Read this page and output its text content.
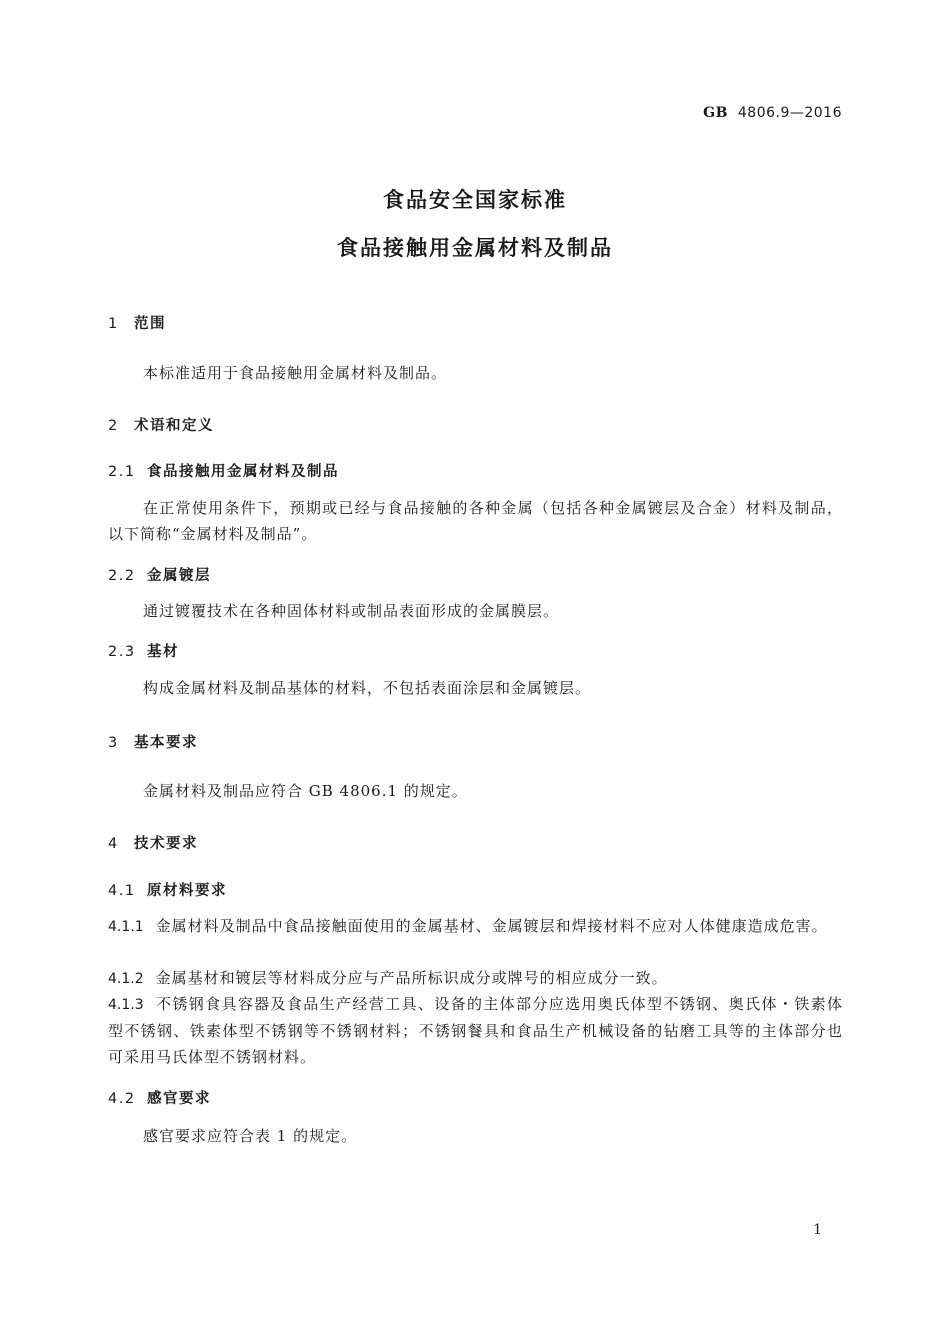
GB 4806.9—2016
食品安全国家标准
食品接触用金属材料及制品
1 范围
本标准适用于食品接触用金属材料及制品。
2 术语和定义
2.1 食品接触用金属材料及制品
在正常使用条件下，预期或已经与食品接触的各种金属（包括各种金属镀层及合金）材料及制品，以下简称“金属材料及制品”。
2.2 金属镀层
通过镀覆技术在各种固体材料或制品表面形成的金属膜层。
2.3 基材
构成金属材料及制品基体的材料，不包括表面涂层和金属镀层。
3 基本要求
金属材料及制品应符合 GB 4806.1 的规定。
4 技术要求
4.1 原材料要求
4.1.1 金属材料及制品中食品接触面使用的金属基材、金属镀层和焊接材料不应对人体健康造成危害。
4.1.2 金属基材和镀层等材料成分应与产品所标识成分或牌号的相应成分一致。
4.1.3 不锈钢食具容器及食品生产经营工具、设备的主体部分应选用奥氏体型不锈钢、奥氏体・铁素体型不锈钢、铁素体型不锈钢等不锈钢材料；不锈钢餐具和食品生产机械设备的钻磨工具等的主体部分也可采用马氏体型不锈钢材料。
4.2 感官要求
感官要求应符合表 1 的规定。
1
